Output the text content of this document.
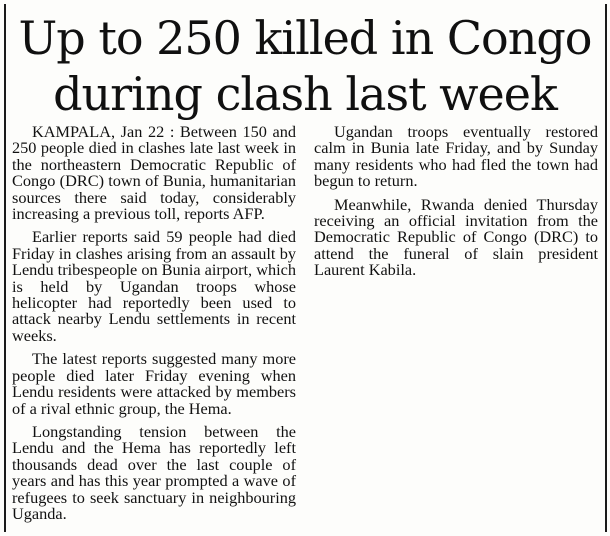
Up to 250 killed in Congo during clash last week

KAMPALA, Jan 22 : Between 150 and 250 people died in clashes late last week in the northeastern Democratic Republic of Congo (DRC) town of Bunia, humanitarian sources there said today, considerably increasing a previous toll, reports AFP.

Earlier reports said 59 people had died Friday in clashes arising from an assault by Lendu tribespeople on Bunia airport, which is held by Ugandan troops whose helicopter had reportedly been used to attack nearby Lendu settlements in recent weeks.

The latest reports suggested many more people died later Friday evening when Lendu residents were attacked by members of a rival ethnic group, the Hema.

Longstanding tension between the Lendu and the Hema has reportedly left thousands dead over the last couple of years and has this year prompted a wave of refugees to seek sanctuary in neighbouring Uganda.

Ugandan troops eventually restored calm in Bunia late Friday, and by Sunday many residents who had fled the town had begun to return.

Meanwhile, Rwanda denied Thursday receiving an official invitation from the Democratic Republic of Congo (DRC) to attend the funeral of slain president Laurent Kabila.
